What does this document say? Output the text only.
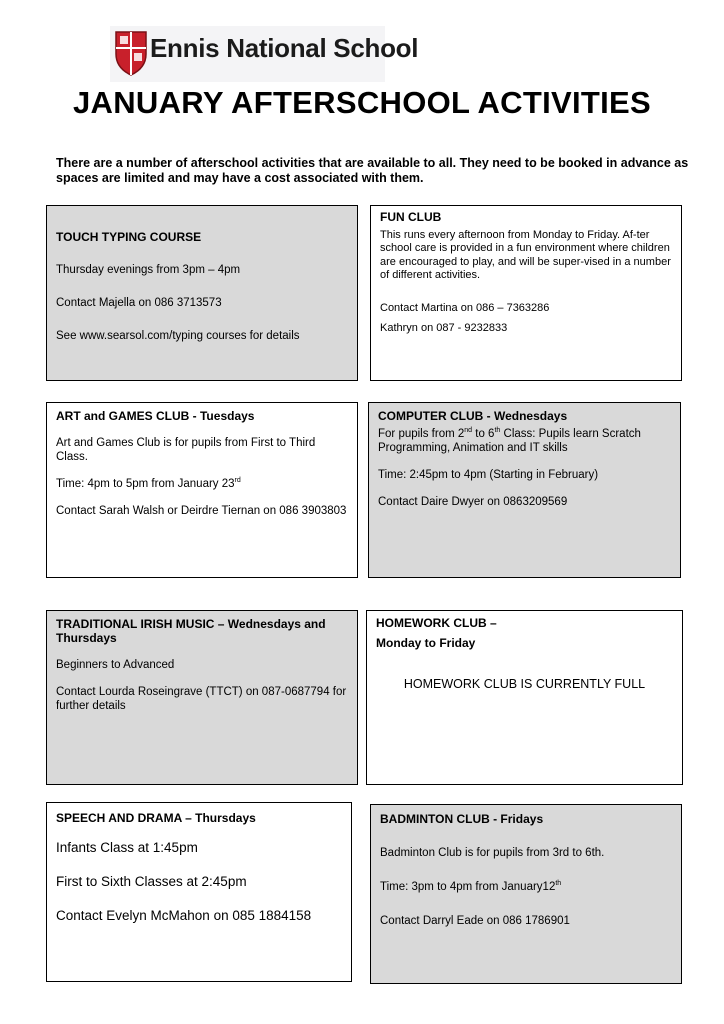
Ennis National School
JANUARY AFTERSCHOOL ACTIVITIES
There are a number of afterschool activities that are available to all. They need to be booked in advance as spaces are limited and may have a cost associated with them.

TOUCH TYPING COURSE

Thursday evenings from 3pm – 4pm

Contact Majella on 086 3713573

See www.searsol.com/typing courses for details

FUN CLUB

This runs every afternoon from Monday to Friday. Af-ter school care is provided in a fun environment where children are encouraged to play, and will be super-vised in a number of different activities.

Contact Martina on 086 – 7363286

Kathryn on 087 - 9232833

ART and GAMES CLUB - Tuesdays

Art and Games Club is for pupils from First to Third Class.

Time: 4pm to 5pm from January 23rd

Contact Sarah Walsh or Deirdre Tiernan on 086 3903803

COMPUTER CLUB - Wednesdays

For pupils from 2nd to 6th Class: Pupils learn Scratch Programming, Animation and IT skills

Time: 2:45pm to 4pm (Starting in February)

Contact Daire Dwyer on 0863209569

TRADITIONAL IRISH MUSIC – Wednesdays and Thursdays

Beginners to Advanced

Contact Lourda Roseingrave (TTCT) on 087-0687794 for further details

HOMEWORK CLUB –

Monday to Friday

HOMEWORK CLUB IS CURRENTLY FULL

SPEECH AND DRAMA – Thursdays

Infants Class at 1:45pm

First to Sixth Classes at 2:45pm

Contact Evelyn McMahon on 085 1884158

BADMINTON CLUB - Fridays

Badminton Club is for pupils from 3rd to 6th.

Time: 3pm to 4pm from January12th

Contact Darryl Eade on 086 1786901
